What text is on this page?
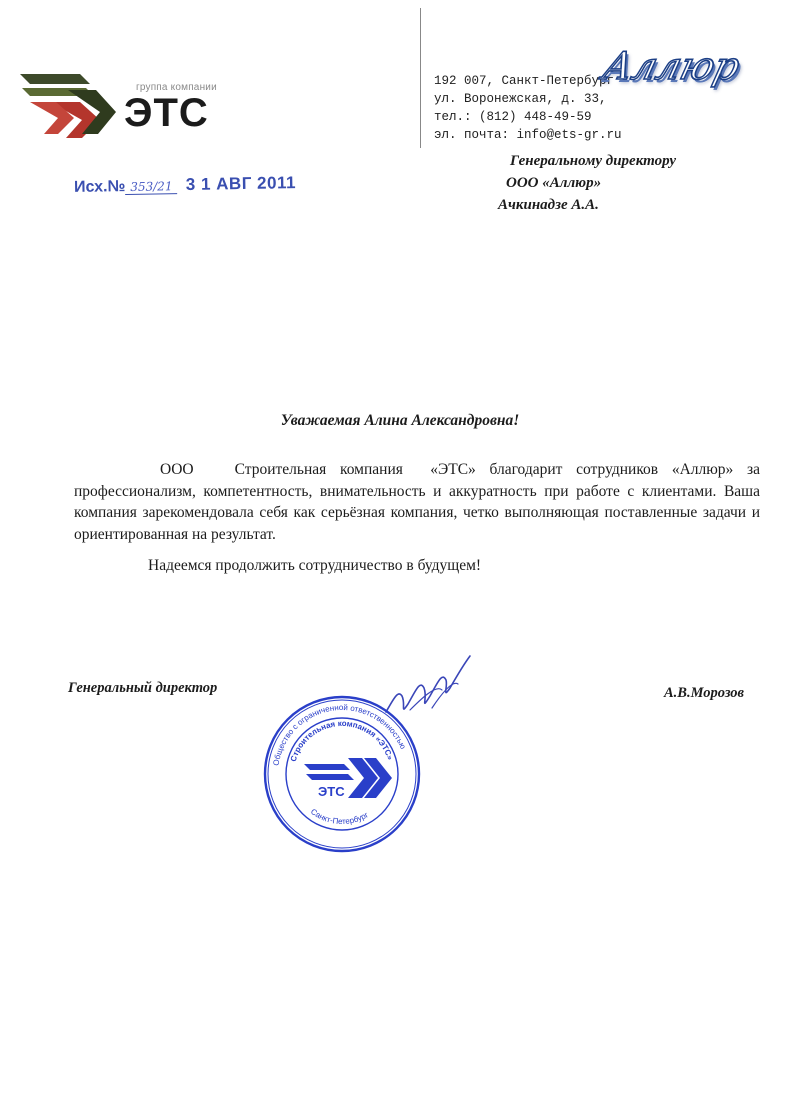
группа компании
ЭТС
192 007, Санкт-Петербург
ул. Воронежская, д. 33,
тел.: (812) 448-49-59
эл. почта: info@ets-gr.ru
Аллюр
Генеральному директору
ООО «Аллюр»
Ачкинадзе А.А.
Исх.№ 353/21 3 1 АВГ 2011
Уважаемая Алина Александровна!
ООО   Строительная компания  «ЭТС» благодарит сотрудников «Аллюр» за профессионализм, компетентность, внимательность и аккуратность при работе с клиентами. Ваша компания зарекомендовала себя как серьёзная компания, четко выполняющая поставленные задачи и ориентированная на результат.
Надеемся продолжить сотрудничество в будущем!
Генеральный директор	А.В.Морозов
Общество с ограниченной ответственностью
Строительная компания «ЭТС»
Санкт-Петербург
ЭТС
